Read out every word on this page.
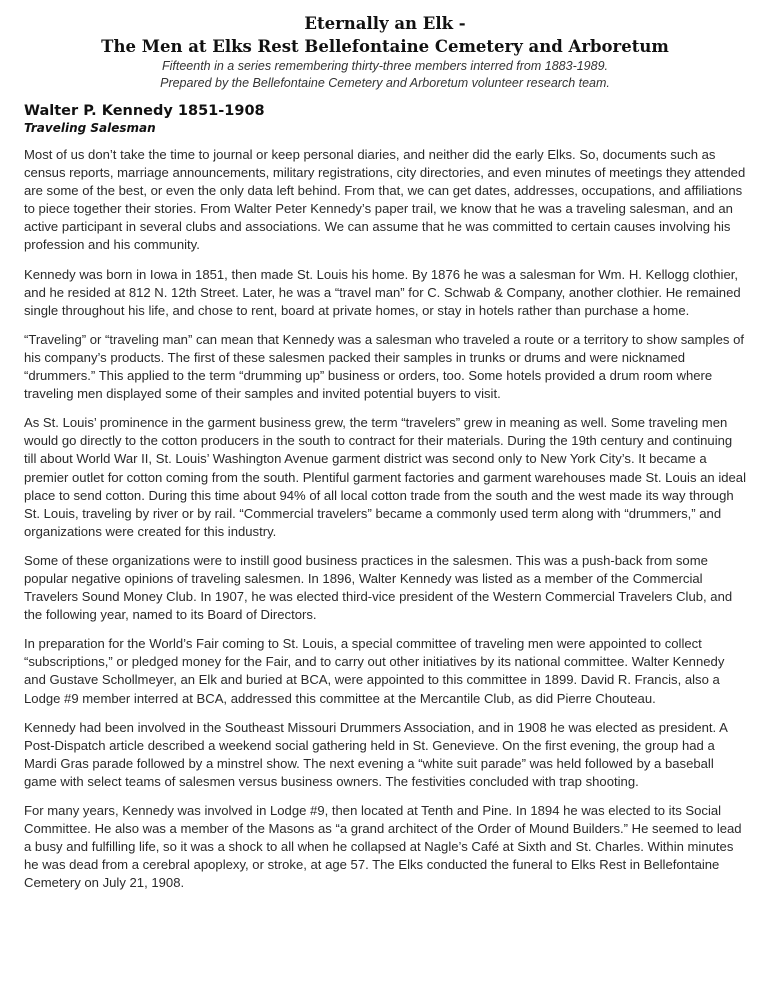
Eternally an Elk -
The Men at Elks Rest Bellefontaine Cemetery and Arboretum
Fifteenth in a series remembering thirty-three members interred from 1883-1989.
Prepared by the Bellefontaine Cemetery and Arboretum volunteer research team.
Walter P. Kennedy 1851-1908
Traveling Salesman

Most of us don’t take the time to journal or keep personal diaries, and neither did the early Elks. So, documents such as census reports, marriage announcements, military registrations, city directories, and even minutes of meetings they attended are some of the best, or even the only data left behind. From that, we can get dates, addresses, occupations, and affiliations to piece together their stories. From Walter Peter Kennedy’s paper trail, we know that he was a traveling salesman, and an active participant in several clubs and associations. We can assume that he was committed to certain causes involving his profession and his community.

Kennedy was born in Iowa in 1851, then made St. Louis his home. By 1876 he was a salesman for Wm. H. Kellogg clothier, and he resided at 812 N. 12th Street. Later, he was a “travel man” for C. Schwab & Company, another clothier. He remained single throughout his life, and chose to rent, board at private homes, or stay in hotels rather than purchase a home.

“Traveling” or “traveling man” can mean that Kennedy was a salesman who traveled a route or a territory to show samples of his company’s products. The first of these salesmen packed their samples in trunks or drums and were nicknamed “drummers.” This applied to the term “drumming up” business or orders, too. Some hotels provided a drum room where traveling men displayed some of their samples and invited potential buyers to visit.

As St. Louis’ prominence in the garment business grew, the term “travelers” grew in meaning as well. Some traveling men would go directly to the cotton producers in the south to contract for their materials. During the 19th century and continuing till about World War II, St. Louis’ Washington Avenue garment district was second only to New York City’s. It became a premier outlet for cotton coming from the south. Plentiful garment factories and garment warehouses made St. Louis an ideal place to send cotton. During this time about 94% of all local cotton trade from the south and the west made its way through St. Louis, traveling by river or by rail. “Commercial travelers” became a commonly used term along with “drummers,” and organizations were created for this industry.

Some of these organizations were to instill good business practices in the salesmen. This was a push-back from some popular negative opinions of traveling salesmen. In 1896, Walter Kennedy was listed as a member of the Commercial Travelers Sound Money Club. In 1907, he was elected third-vice president of the Western Commercial Travelers Club, and the following year, named to its Board of Directors.

In preparation for the World’s Fair coming to St. Louis, a special committee of traveling men were appointed to collect “subscriptions,” or pledged money for the Fair, and to carry out other initiatives by its national committee. Walter Kennedy and Gustave Schollmeyer, an Elk and buried at BCA, were appointed to this committee in 1899. David R. Francis, also a Lodge #9 member interred at BCA, addressed this committee at the Mercantile Club, as did Pierre Chouteau.

Kennedy had been involved in the Southeast Missouri Drummers Association, and in 1908 he was elected as president. A Post-Dispatch article described a weekend social gathering held in St. Genevieve. On the first evening, the group had a Mardi Gras parade followed by a minstrel show. The next evening a “white suit parade” was held followed by a baseball game with select teams of salesmen versus business owners. The festivities concluded with trap shooting.

For many years, Kennedy was involved in Lodge #9, then located at Tenth and Pine. In 1894 he was elected to its Social Committee. He also was a member of the Masons as “a grand architect of the Order of Mound Builders.” He seemed to lead a busy and fulfilling life, so it was a shock to all when he collapsed at Nagle’s Café at Sixth and St. Charles. Within minutes he was dead from a cerebral apoplexy, or stroke, at age 57. The Elks conducted the funeral to Elks Rest in Bellefontaine Cemetery on July 21, 1908.
